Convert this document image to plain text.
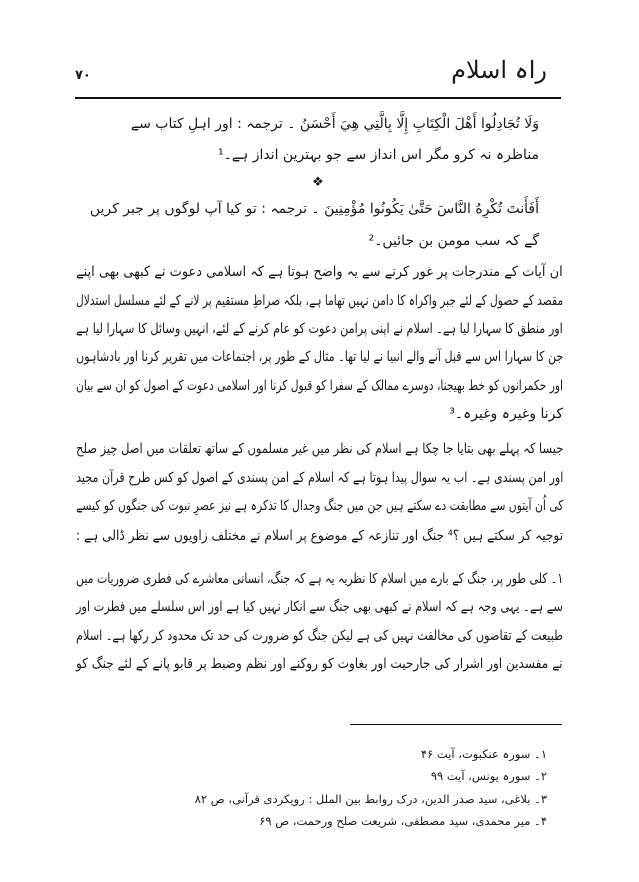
راہ اسلام
۷۰
وَلَا تُجَادِلُوا أَهْلَ الْكِتَابِ إِلَّا بِالَّتِي هِيَ أَحْسَنُ ۔ ترجمہ : اور اہلِ کتاب سے
مناظرہ نہ کرو مگر اس انداز سے جو بہترین انداز ہے۔¹
❖
أَفَأَنتَ تُكْرِهُ النَّاسَ حَتَّىٰ يَكُونُوا مُؤْمِنِينَ ۔ ترجمہ : تو کیا آپ لوگوں پر جبر کریں
گے کہ سب مومن بن جائیں۔²
ان آیات کے مندرجات پر غور کرنے سے یہ واضح ہوتا ہے کہ اسلامی دعوت نے کبھی بھی اپنے
مقصد کے حصول کے لئے جبر واکراہ کا دامن نہیں تھاما ہے، بلکہ صراطِ مستقیم پر لانے کے لئے مسلسل استدلال
اور منطق کا سہارا لیا ہے۔ اسلام نے اپنی پرامن دعوت کو عام کرنے کے لئے، انہیں وسائل کا سہارا لیا ہے
جن کا سہارا اس سے قبل آنے والے انبیا نے لیا تھا۔ مثال کے طور پر، اجتماعات میں تقریر کرنا اور بادشاہوں
اور حکمرانوں کو خط بھیجنا، دوسرے ممالک کے سفرا کو قبول کرنا اور اسلامی دعوت کے اصول کو ان سے بیان
کرنا وغیرہ وغیرہ۔³
جیسا کہ پہلے بھی بتایا جا چکا ہے اسلام کی نظر میں غیر مسلموں کے ساتھ تعلقات میں اصل چیز صلح
اور امن پسندی ہے۔ اب یہ سوال پیدا ہوتا ہے کہ اسلام کے امن پسندی کے اصول کو کس طرح قرآن مجید
کی اُن آیتوں سے مطابقت دے سکتے ہیں جن میں جنگ وجدال کا تذکرہ ہے نیز عصرِ نبوت کی جنگوں کو کیسے
توجیہ کر سکتے ہیں ؟⁴ جنگ اور تنازعہ کے موضوع پر اسلام نے مختلف زاویوں سے نظر ڈالی ہے :
۱۔ کلی طور پر، جنگ کے بارے میں اسلام کا نظریہ یہ ہے کہ جنگ، انسانی معاشرے کی فطری ضروریات میں
سے ہے۔ یہی وجہ ہے کہ اسلام نے کبھی بھی جنگ سے انکار نہیں کیا ہے اور اس سلسلے میں فطرت اور
طبیعت کے تقاضوں کی مخالفت نہیں کی ہے لیکن جنگ کو ضرورت کی حد تک محدود کر رکھا ہے۔ اسلام
نے مفسدین اور اشرار کی جارحیت اور بغاوت کو روکنے اور نظم وضبط پر قابو پانے کے لئے جنگ کو
۱۔ سورہ عنکبوت، آیت ۴۶
۲۔ سورہ یونس، آیت ۹۹
۳۔ بلاغی، سید صدر الدین، درک روابط بین الملل : رویکردی قرآنی، ص ۸۲
۴۔ میر محمدی، سید مصطفی، شریعت صلح ورحمت، ص ۶۹
